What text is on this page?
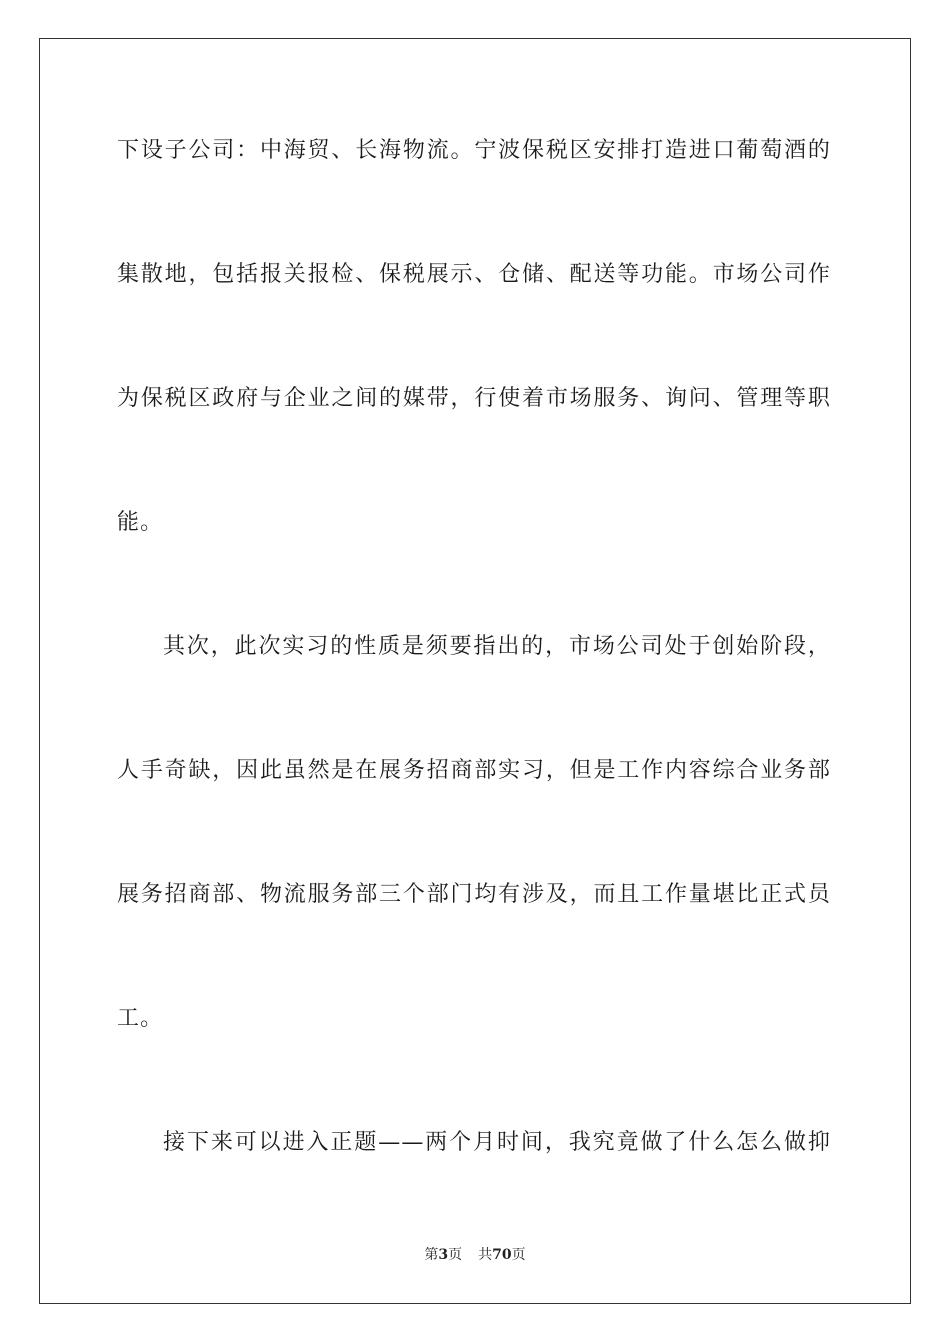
下设子公司：中海贸、长海物流。宁波保税区安排打造进口葡萄酒的
集散地，包括报关报检、保税展示、仓储、配送等功能。市场公司作
为保税区政府与企业之间的媒带，行使着市场服务、询问、管理等职
能。
其次，此次实习的性质是须要指出的，市场公司处于创始阶段，
人手奇缺，因此虽然是在展务招商部实习，但是工作内容综合业务部
展务招商部、物流服务部三个部门均有涉及，而且工作量堪比正式员
工。
接下来可以进入正题——两个月时间，我究竟做了什么怎么做抑
第3页 共70页
